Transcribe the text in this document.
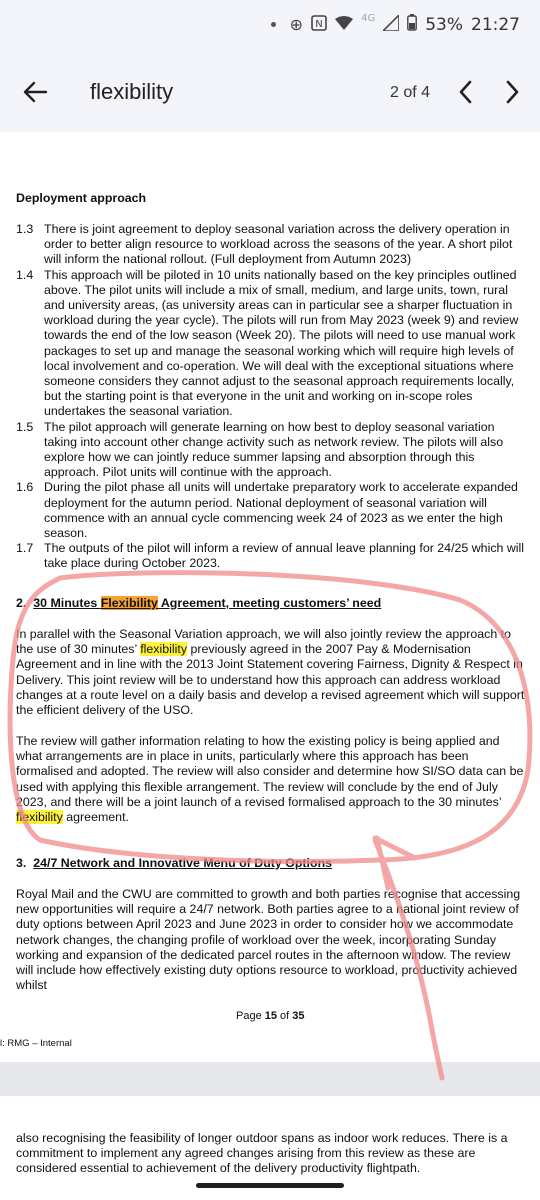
⊕ N	4G	53% 21:27
flexibility	2 of 4
Deployment approach
1.3 There is joint agreement to deploy seasonal variation across the delivery operation in order to better align resource to workload across the seasons of the year. A short pilot will inform the national rollout. (Full deployment from Autumn 2023)
1.4 This approach will be piloted in 10 units nationally based on the key principles outlined above. The pilot units will include a mix of small, medium, and large units, town, rural and university areas, (as university areas can in particular see a sharper fluctuation in workload during the year cycle). The pilots will run from May 2023 (week 9) and review towards the end of the low season (Week 20). The pilots will need to use manual work packages to set up and manage the seasonal working which will require high levels of local involvement and co-operation. We will deal with the exceptional situations where someone considers they cannot adjust to the seasonal approach requirements locally, but the starting point is that everyone in the unit and working on in-scope roles undertakes the seasonal variation.
1.5 The pilot approach will generate learning on how best to deploy seasonal variation taking into account other change activity such as network review. The pilots will also explore how we can jointly reduce summer lapsing and absorption through this approach. Pilot units will continue with the approach.
1.6 During the pilot phase all units will undertake preparatory work to accelerate expanded deployment for the autumn period. National deployment of seasonal variation will commence with an annual cycle commencing week 24 of 2023 as we enter the high season.
1.7 The outputs of the pilot will inform a review of annual leave planning for 24/25 which will take place during October 2023.
2. 30 Minutes Flexibility Agreement, meeting customers’ need
In parallel with the Seasonal Variation approach, we will also jointly review the approach to the use of 30 minutes’ flexibility previously agreed in the 2007 Pay & Modernisation Agreement and in line with the 2013 Joint Statement covering Fairness, Dignity & Respect in Delivery. This joint review will be to understand how this approach can address workload changes at a route level on a daily basis and develop a revised agreement which will support the efficient delivery of the USO.
The review will gather information relating to how the existing policy is being applied and what arrangements are in place in units, particularly where this approach has been formalised and adopted. The review will also consider and determine how SI/SO data can be used with applying this flexible arrangement. The review will conclude by the end of July 2023, and there will be a joint launch of a revised formalised approach to the 30 minutes’ flexibility agreement.
3. 24/7 Network and Innovative Menu of Duty Options
Royal Mail and the CWU are committed to growth and both parties recognise that accessing new opportunities will require a 24/7 network. Both parties agree to a national joint review of duty options between April 2023 and June 2023 in order to consider how we accommodate network changes, the changing profile of workload over the week, incorporating Sunday working and expansion of the dedicated parcel routes in the afternoon window. The review will include how effectively existing duty options resource to workload, productivity achieved whilst
Page 15 of 35
l: RMG – Internal
also recognising the feasibility of longer outdoor spans as indoor work reduces. There is a commitment to implement any agreed changes arising from this review as these are considered essential to achievement of the delivery productivity flightpath.
